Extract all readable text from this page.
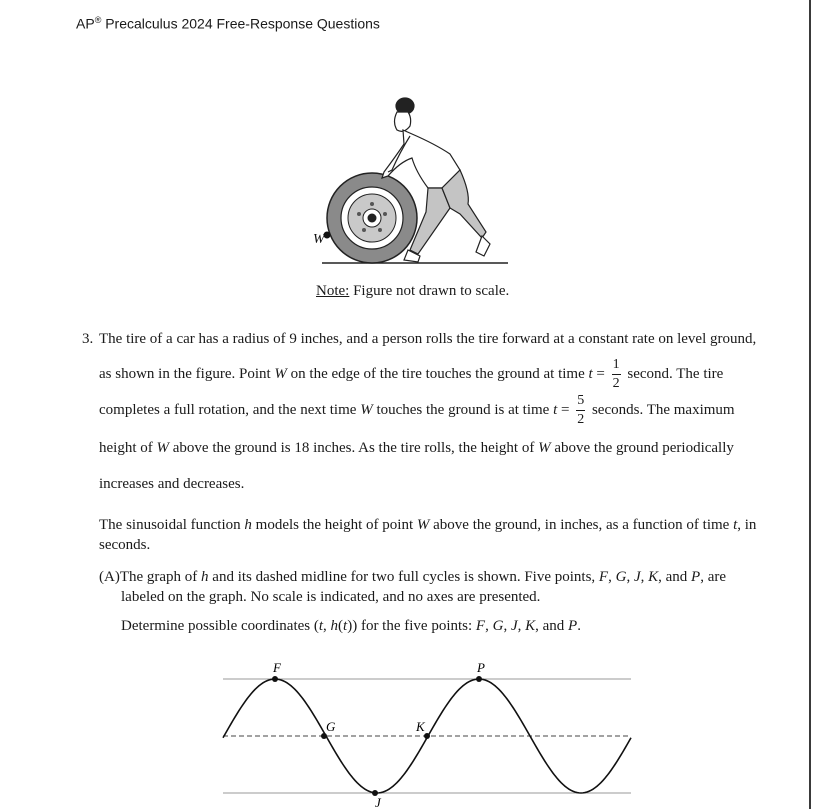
AP® Precalculus 2024 Free-Response Questions
W
Note: Figure not drawn to scale.
3. The tire of a car has a radius of 9 inches, and a person rolls the tire forward at a constant rate on level ground,
as shown in the figure. Point W on the edge of the tire touches the ground at time $t = \frac{1}{2}$ second. The tire
completes a full rotation, and the next time W touches the ground is at time $t = \frac{5}{2}$ seconds. The maximum
height of W above the ground is 18 inches. As the tire rolls, the height of W above the ground periodically
increases and decreases.
The sinusoidal function h models the height of point W above the ground, in inches, as a function of time t, in
seconds.
(A)The graph of h and its dashed midline for two full cycles is shown. Five points, F, G, J, K, and P, are
labeled on the graph. No scale is indicated, and no axes are presented.
Determine possible coordinates (t, h(t)) for the five points: F, G, J, K, and P.
F
G
J
K
P
